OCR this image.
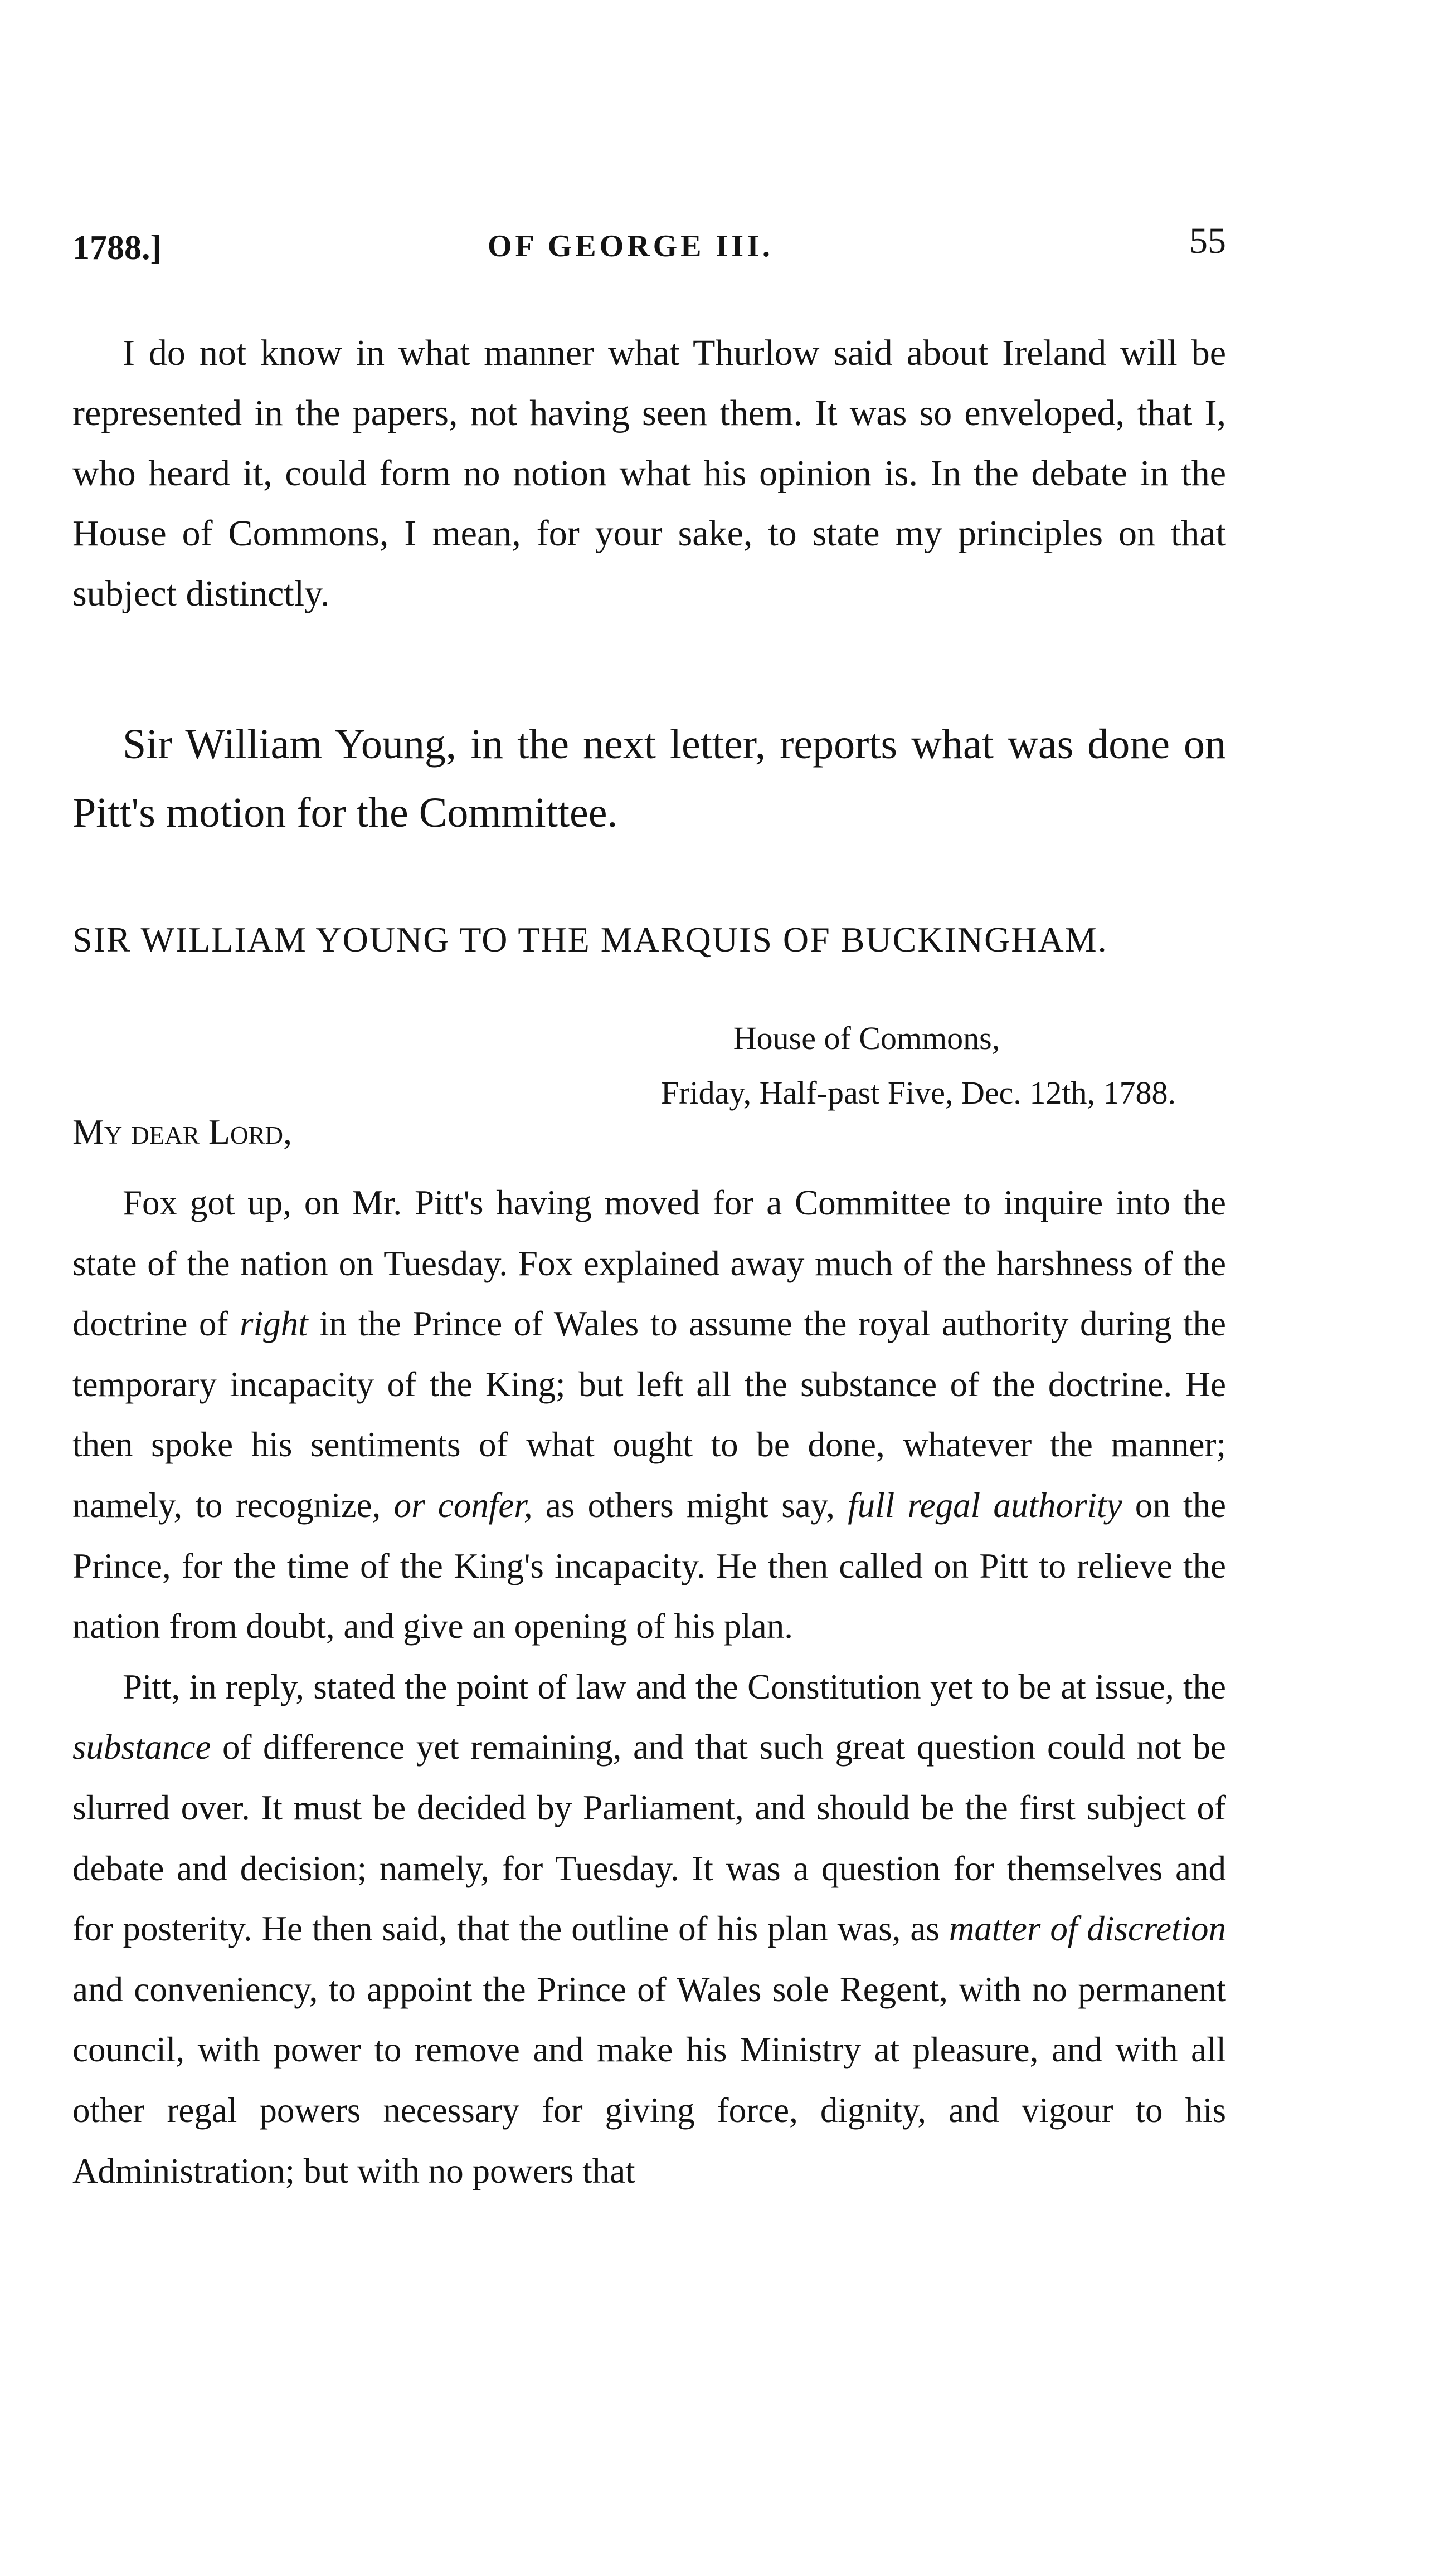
1788.]	OF GEORGE III.	55

I do not know in what manner what Thurlow said about Ireland will be represented in the papers, not having seen them. It was so enveloped, that I, who heard it, could form no notion what his opinion is. In the debate in the House of Commons, I mean, for your sake, to state my principles on that subject distinctly.

Sir William Young, in the next letter, reports what was done on Pitt's motion for the Committee.

SIR WILLIAM YOUNG TO THE MARQUIS OF BUCKINGHAM.
House of Commons,
Friday, Half-past Five, Dec. 12th, 1788.
My dear Lord,

Fox got up, on Mr. Pitt's having moved for a Committee to inquire into the state of the nation on Tuesday. Fox explained away much of the harshness of the doctrine of right in the Prince of Wales to assume the royal authority during the temporary incapacity of the King; but left all the substance of the doctrine. He then spoke his sentiments of what ought to be done, whatever the manner; namely, to recognize, or confer, as others might say, full regal authority on the Prince, for the time of the King's incapacity. He then called on Pitt to relieve the nation from doubt, and give an opening of his plan.

Pitt, in reply, stated the point of law and the Constitution yet to be at issue, the substance of difference yet remaining, and that such great question could not be slurred over. It must be decided by Parliament, and should be the first subject of debate and decision; namely, for Tuesday. It was a question for themselves and for posterity. He then said, that the outline of his plan was, as matter of discretion and conveniency, to appoint the Prince of Wales sole Regent, with no permanent council, with power to remove and make his Ministry at pleasure, and with all other regal powers necessary for giving force, dignity, and vigour to his Administration; but with no powers that
